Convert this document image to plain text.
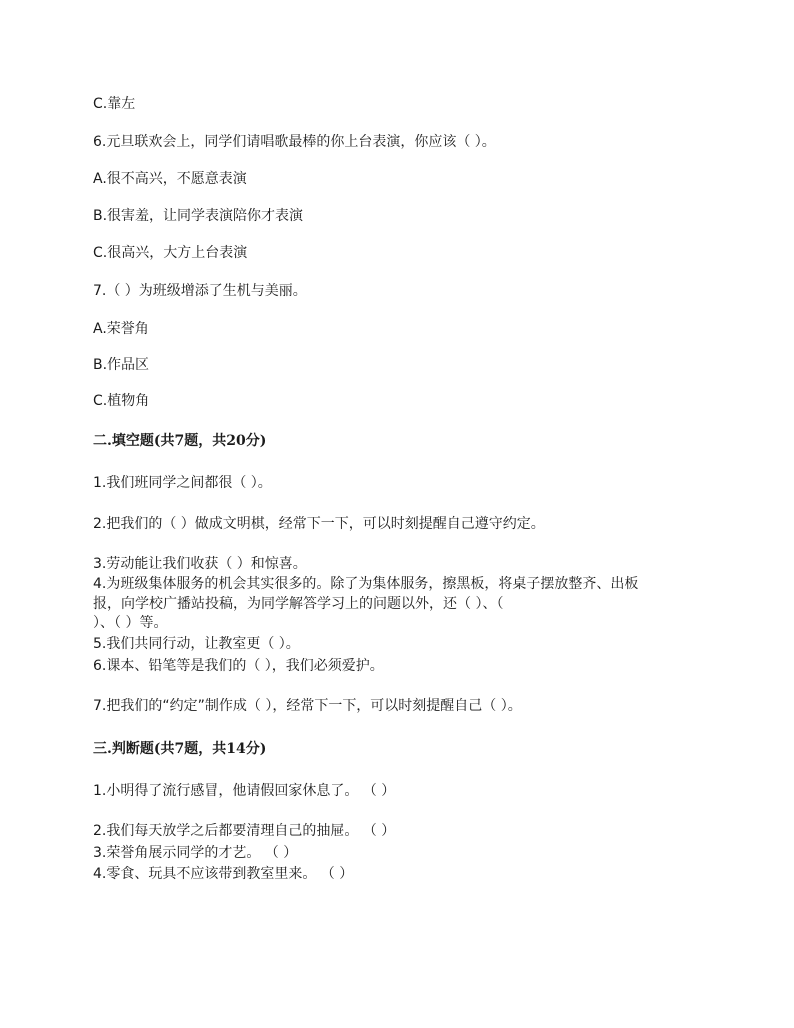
C.靠左
6.元旦联欢会上，同学们请唱歌最棒的你上台表演，你应该（ ）。
A.很不高兴，不愿意表演
B.很害羞，让同学表演陪你才表演
C.很高兴，大方上台表演
7.（ ）为班级增添了生机与美丽。
A.荣誉角
B.作品区
C.植物角
二.填空题(共7题，共20分)
1.我们班同学之间都很（ ）。
2.把我们的（ ）做成文明棋，经常下一下，可以时刻提醒自己遵守约定。
3.劳动能让我们收获（ ）和惊喜。
4.为班级集体服务的机会其实很多的。除了为集体服务，擦黑板，将桌子摆放整齐、出板
报，向学校广播站投稿，为同学解答学习上的问题以外，还（ ）、（
）、（ ）等。
5.我们共同行动，让教室更（ ）。
6.课本、铅笔等是我们的（ ），我们必须爱护。
7.把我们的“约定”制作成（ ），经常下一下，可以时刻提醒自己（ ）。
三.判断题(共7题，共14分)
1.小明得了流行感冒，他请假回家休息了。 （ ）
2.我们每天放学之后都要清理自己的抽屉。 （ ）
3.荣誉角展示同学的才艺。 （ ）
4.零食、玩具不应该带到教室里来。 （ ）
